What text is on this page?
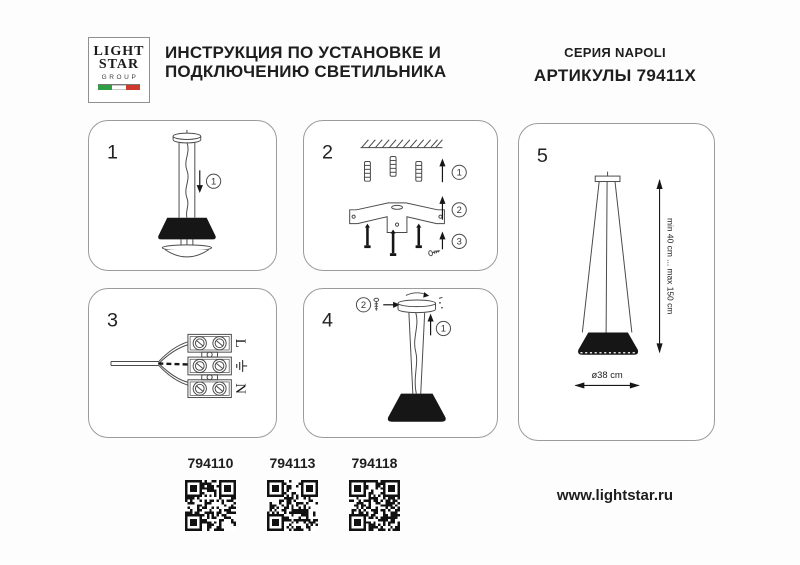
LIGHT
STAR
GROUP
ИНСТРУКЦИЯ ПО УСТАНОВКЕ И
ПОДКЛЮЧЕНИЮ СВЕТИЛЬНИКА
СЕРИЯ NAPOLI
АРТИКУЛЫ 79411X
1
1
2
1
2
3
3
L
N
4
2
1
5
min 40 cm ... max 150 cm
ø38 cm
794110	794113	794118
www.lightstar.ru
